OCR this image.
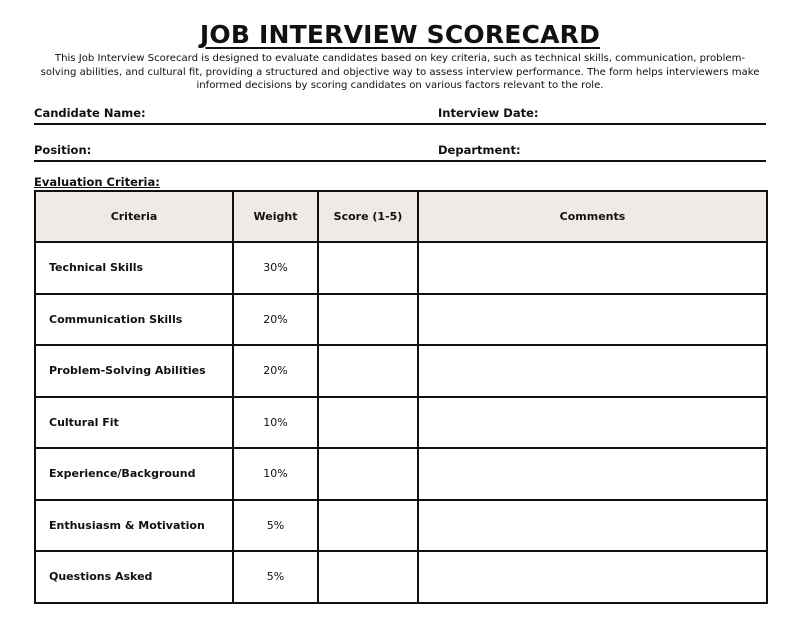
JOB INTERVIEW SCORECARD
This Job Interview Scorecard is designed to evaluate candidates based on key criteria, such as technical skills, communication, problem-solving abilities, and cultural fit, providing a structured and objective way to assess interview performance. The form helps interviewers make informed decisions by scoring candidates on various factors relevant to the role.
Candidate Name:	Interview Date:
Position:	Department:
Evaluation Criteria:
Criteria	Weight	Score (1-5)	Comments
Technical Skills	30%		
Communication Skills	20%		
Problem-Solving Abilities	20%		
Cultural Fit	10%		
Experience/Background	10%		
Enthusiasm & Motivation	5%		
Questions Asked	5%		
